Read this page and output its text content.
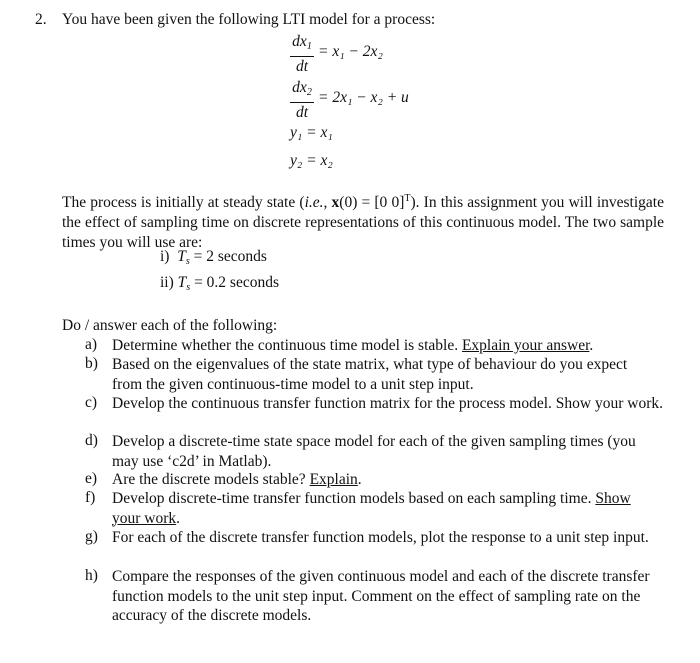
2. You have been given the following LTI model for a process:
$dx_1$
dt
= x₁ − 2x₂
$dx_2$
dt
= 2x₁ − x₂ + u
y₁ = x₁
y₂ = x₂
The process is initially at steady state (i.e., x(0) = [0 0]$^T$). In this assignment you will investigate the effect of sampling time on discrete representations of this continuous model. The two sample times you will use are:
i) $T_s = 2$ seconds
ii) $T_s = 0.2$ seconds
Do / answer each of the following:
a) Determine whether the continuous time model is stable. Explain your answer.
b) Based on the eigenvalues of the state matrix, what type of behaviour do you expect from the given continuous-time model to a unit step input.
c) Develop the continuous transfer function matrix for the process model. Show your work.
d) Develop a discrete-time state space model for each of the given sampling times (you may use ‘c2d’ in Matlab).
e) Are the discrete models stable? Explain.
f) Develop discrete-time transfer function models based on each sampling time. Show your work.
g) For each of the discrete transfer function models, plot the response to a unit step input.
h) Compare the responses of the given continuous model and each of the discrete transfer function models to the unit step input. Comment on the effect of sampling rate on the accuracy of the discrete models.
